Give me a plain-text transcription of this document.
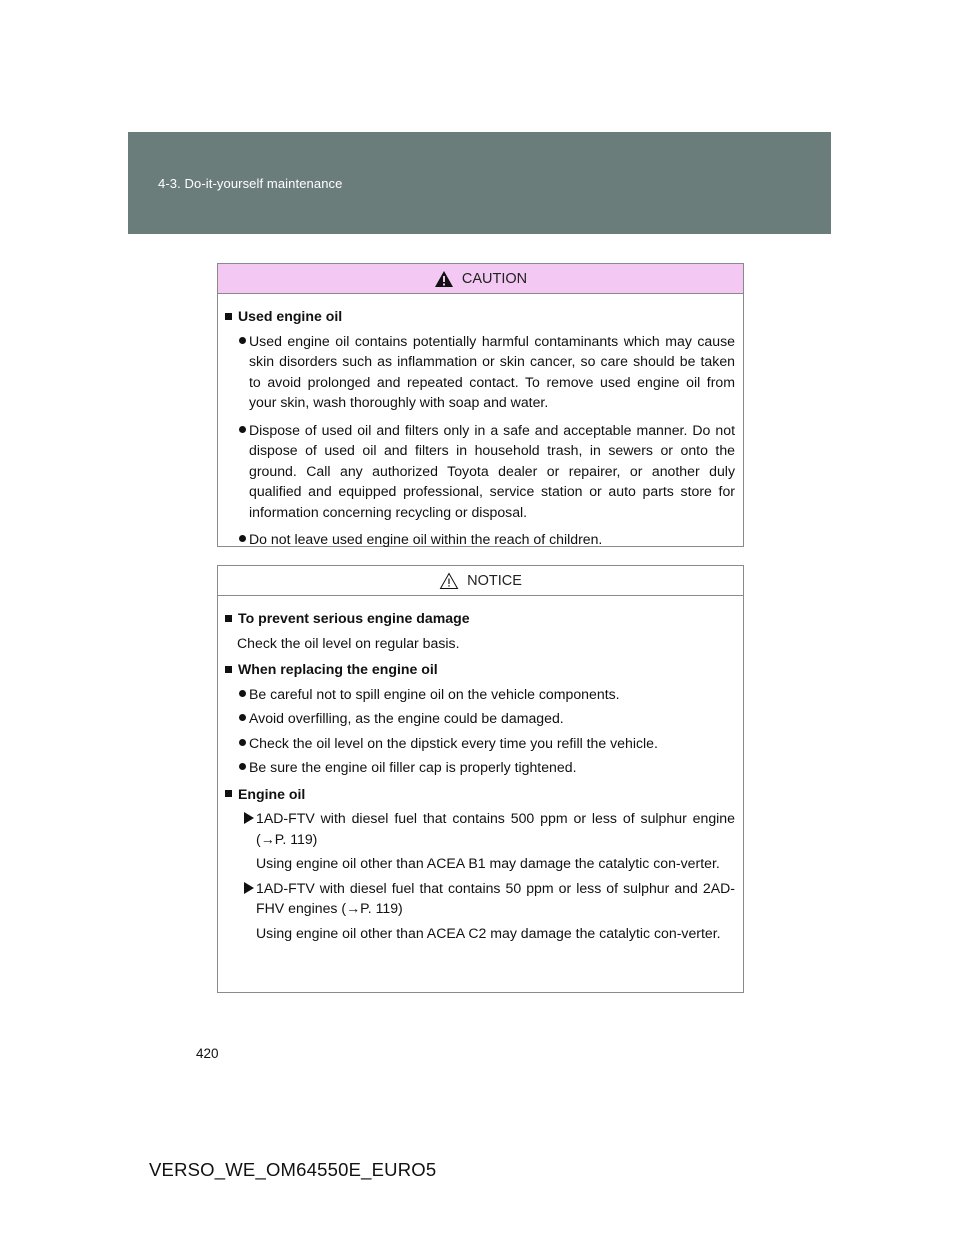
4-3. Do-it-yourself maintenance
CAUTION
Used engine oil
Used engine oil contains potentially harmful contaminants which may cause skin disorders such as inflammation or skin cancer, so care should be taken to avoid prolonged and repeated contact. To remove used engine oil from your skin, wash thoroughly with soap and water.
Dispose of used oil and filters only in a safe and acceptable manner. Do not dispose of used oil and filters in household trash, in sewers or onto the ground. Call any authorized Toyota dealer or repairer, or another duly qualified and equipped professional, service station or auto parts store for information concerning recycling or disposal.
Do not leave used engine oil within the reach of children.
NOTICE
To prevent serious engine damage
Check the oil level on regular basis.
When replacing the engine oil
Be careful not to spill engine oil on the vehicle components.
Avoid overfilling, as the engine could be damaged.
Check the oil level on the dipstick every time you refill the vehicle.
Be sure the engine oil filler cap is properly tightened.
Engine oil
1AD-FTV with diesel fuel that contains 500 ppm or less of sulphur engine (→P. 119)
Using engine oil other than ACEA B1 may damage the catalytic con-verter.
1AD-FTV with diesel fuel that contains 50 ppm or less of sulphur and 2AD-FHV engines (→P. 119)
Using engine oil other than ACEA C2 may damage the catalytic con-verter.
420
VERSO_WE_OM64550E_EURO5
